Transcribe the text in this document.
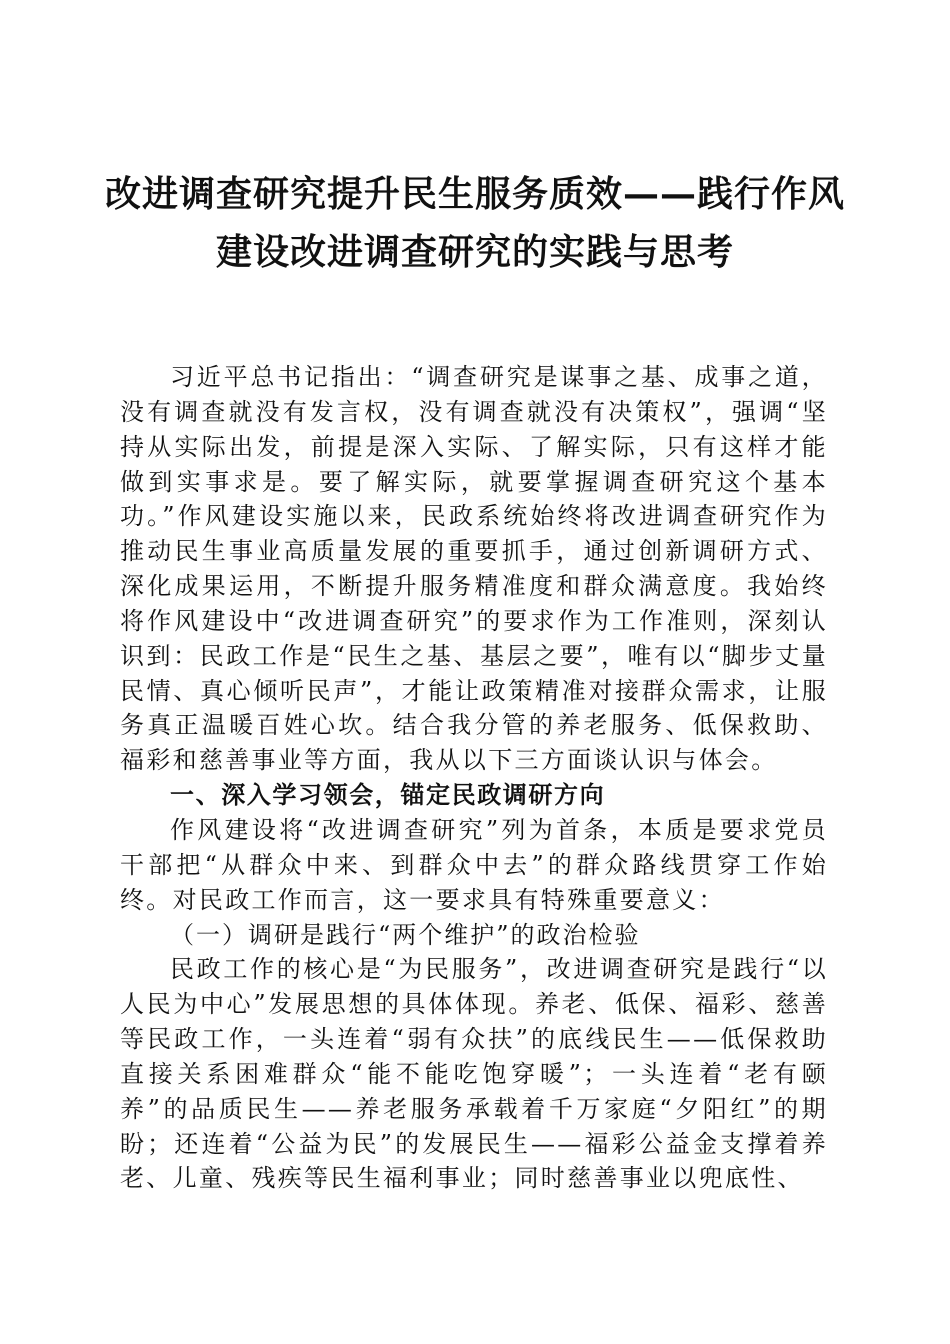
改进调查研究提升民生服务质效——践行作风
建设改进调查研究的实践与思考

习近平总书记指出：“调查研究是谋事之基、成事之道，没有调查就没有发言权，没有调查就没有决策权”，强调“坚持从实际出发，前提是深入实际、了解实际，只有这样才能做到实事求是。要了解实际，就要掌握调查研究这个基本功。”作风建设实施以来，民政系统始终将改进调查研究作为推动民生事业高质量发展的重要抓手，通过创新调研方式、深化成果运用，不断提升服务精准度和群众满意度。我始终将作风建设中“改进调查研究”的要求作为工作准则，深刻认识到：民政工作是“民生之基、基层之要”，唯有以“脚步丈量民情、真心倾听民声”，才能让政策精准对接群众需求，让服务真正温暖百姓心坎。结合我分管的养老服务、低保救助、福彩和慈善事业等方面，我从以下三方面谈认识与体会。

一、深入学习领会，锚定民政调研方向

作风建设将“改进调查研究”列为首条，本质是要求党员干部把“从群众中来、到群众中去”的群众路线贯穿工作始终。对民政工作而言，这一要求具有特殊重要意义：

（一）调研是践行“两个维护”的政治检验

民政工作的核心是“为民服务”，改进调查研究是践行“以人民为中心”发展思想的具体体现。养老、低保、福彩、慈善等民政工作，一头连着“弱有众扶”的底线民生——低保救助直接关系困难群众“能不能吃饱穿暖”；一头连着“老有颐养”的品质民生——养老服务承载着千万家庭“夕阳红”的期盼；还连着“公益为民”的发展民生——福彩公益金支撑着养老、儿童、残疾等民生福利事业；同时慈善事业以兜底性、
